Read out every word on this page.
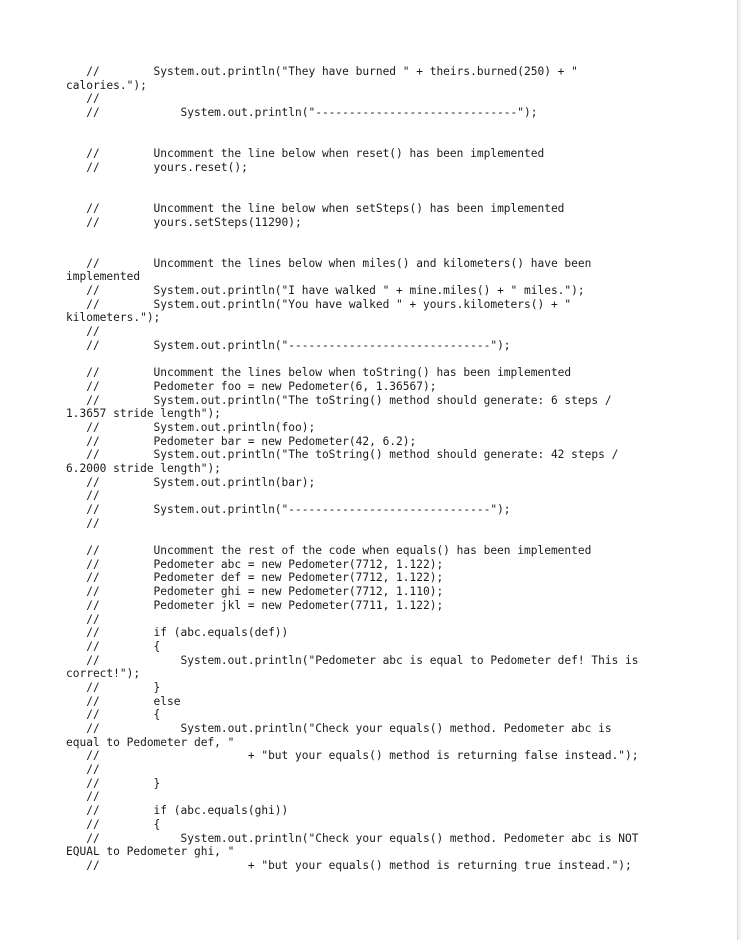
//        System.out.println("They have burned " + theirs.burned(250) + "
calories.");
//
//            System.out.println("------------------------------");
//        Uncomment the line below when reset() has been implemented
//        yours.reset();
//        Uncomment the line below when setSteps() has been implemented
//        yours.setSteps(11290);
//        Uncomment the lines below when miles() and kilometers() have been
implemented
//        System.out.println("I have walked " + mine.miles() + " miles.");
//        System.out.println("You have walked " + yours.kilometers() + "
kilometers.");
//
//        System.out.println("------------------------------");
//        Uncomment the lines below when toString() has been implemented
//        Pedometer foo = new Pedometer(6, 1.36567);
//        System.out.println("The toString() method should generate: 6 steps /
1.3657 stride length");
//        System.out.println(foo);
//        Pedometer bar = new Pedometer(42, 6.2);
//        System.out.println("The toString() method should generate: 42 steps /
6.2000 stride length");
//        System.out.println(bar);
//
//        System.out.println("------------------------------");
//
//        Uncomment the rest of the code when equals() has been implemented
//        Pedometer abc = new Pedometer(7712, 1.122);
//        Pedometer def = new Pedometer(7712, 1.122);
//        Pedometer ghi = new Pedometer(7712, 1.110);
//        Pedometer jkl = new Pedometer(7711, 1.122);
//
//        if (abc.equals(def))
//        {
//            System.out.println("Pedometer abc is equal to Pedometer def! This is
correct!");
//        }
//        else
//        {
//            System.out.println("Check your equals() method. Pedometer abc is
equal to Pedometer def, "
//                      + "but your equals() method is returning false instead.");
//
//        }
//
//        if (abc.equals(ghi))
//        {
//            System.out.println("Check your equals() method. Pedometer abc is NOT
EQUAL to Pedometer ghi, "
//                      + "but your equals() method is returning true instead.");
